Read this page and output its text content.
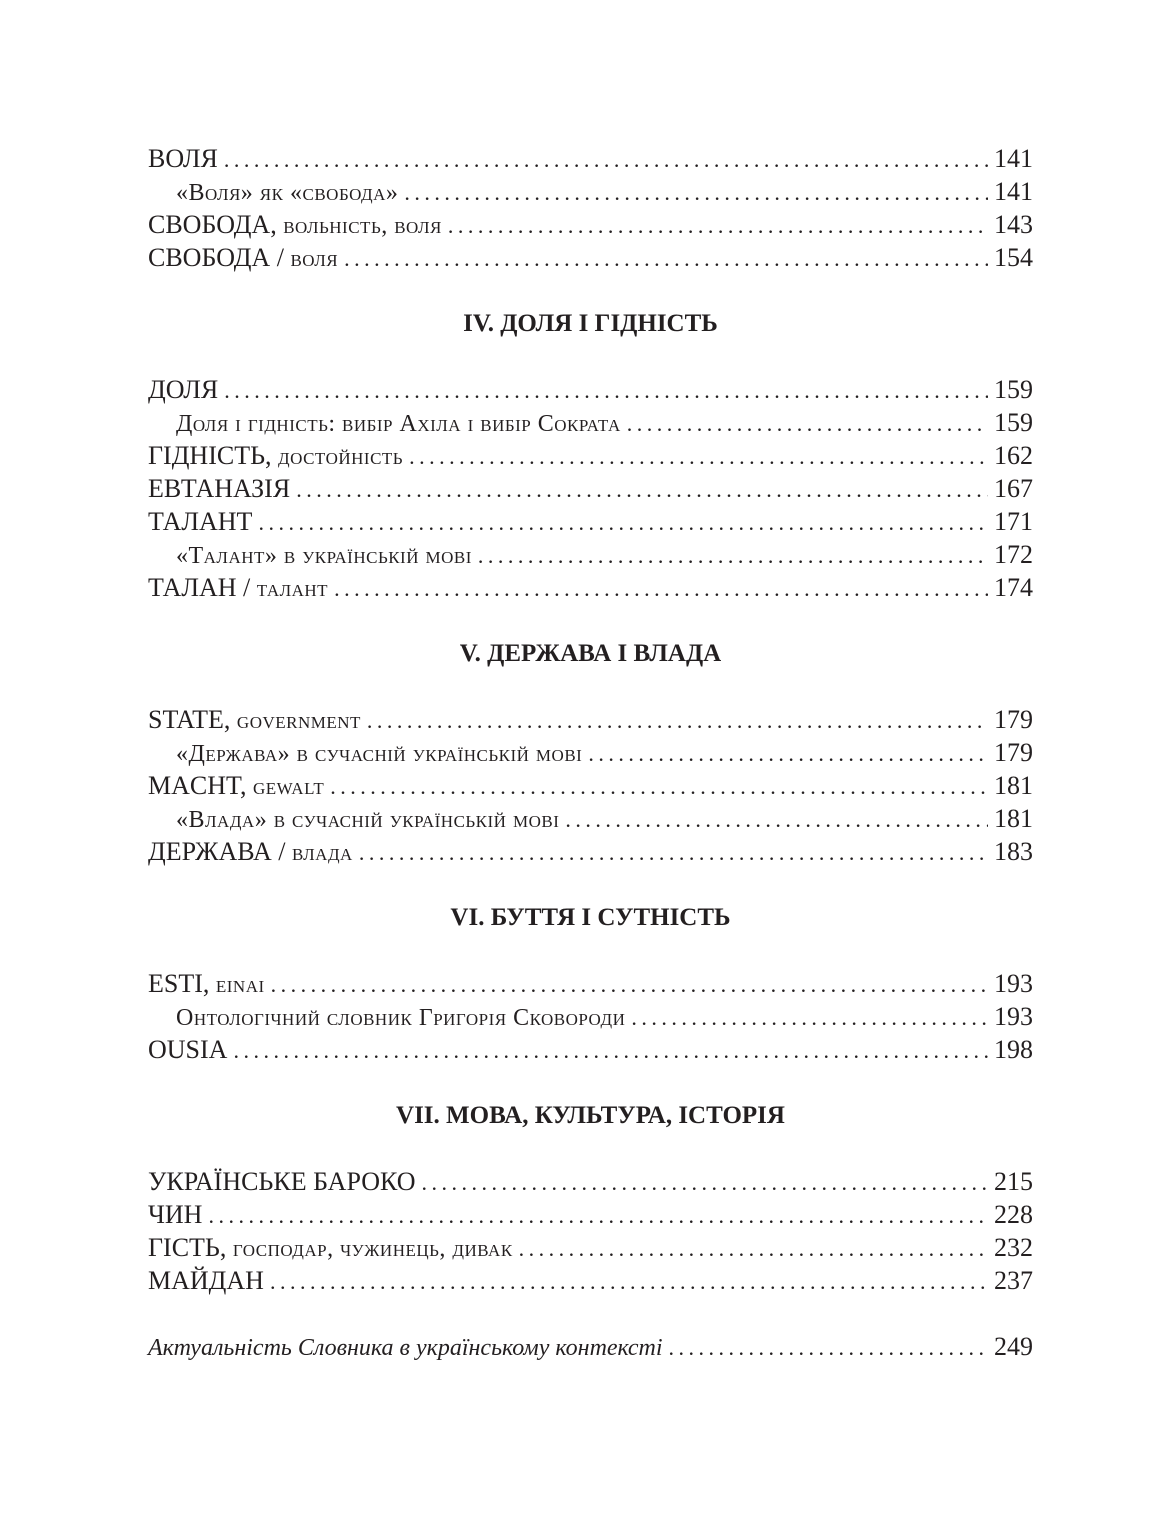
ВОЛЯ . . .	141
«Воля» як «свобода» . . .	141
СВОБОДА, вольність, воля . . .	143
СВОБОДА / воля . . .	154
IV. ДОЛЯ І ГІДНІСТЬ
ДОЛЯ . . .	159
Доля і гідність: вибір Ахіла і вибір Сократа . . .	159
ГІДНІСТЬ, достойність . . .	162
ЕВТАНАЗІЯ . . .	167
ТАЛАНТ . . .	171
«Талант» в українській мові . . .	172
ТАЛАН / талант . . .	174
V. ДЕРЖАВА І ВЛАДА
STATE, government . . .	179
«Держава» в сучасній українській мові . . .	179
MACHT, gewalt . . .	181
«Влада» в сучасній українській мові . . .	181
ДЕРЖАВА / влада . . .	183
VI. БУТТЯ І СУТНІСТЬ
ESTI, einai . . .	193
Онтологічний словник Григорія Сковороди . . .	193
OUSIA . . .	198
VII. МОВА, КУЛЬТУРА, ІСТОРІЯ
УКРАЇНСЬКЕ БАРОКО . . .	215
ЧИН . . .	228
ГІСТЬ, господар, чужинець, дивак . . .	232
МАЙДАН . . .	237
Актуальність Словника в українському контексті . . .	249
